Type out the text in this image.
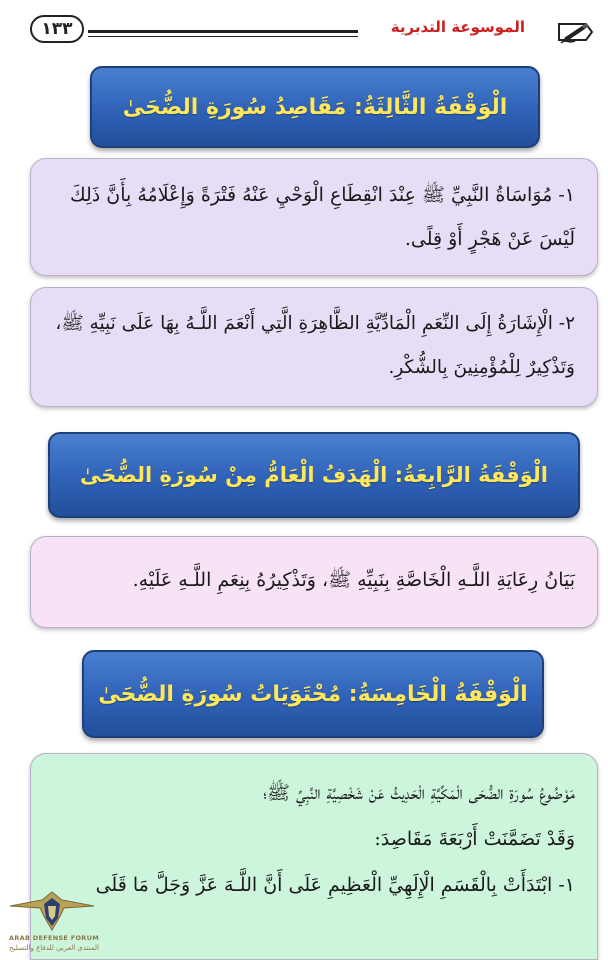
١٣٣	الموسوعة التدبرية
الْوَقْفَةُ الثَّالِثَةُ: مَقَاصِدُ سُورَةِ الضُّحَىٰ

١- مُوَاسَاةُ النَّبِيِّ ﷺ عِنْدَ انْقِطَاعِ الْوَحْيِ عَنْهُ فَتْرَةً وَإِعْلَامُهُ بِأَنَّ ذَلِكَ لَيْسَ عَنْ هَجْرٍ أَوْ قِلًى.

٢- الْإِشَارَةُ إِلَى النِّعَمِ الْمَادِّيَّةِ الظَّاهِرَةِ الَّتِي أَنْعَمَ اللَّـهُ بِهَا عَلَى نَبِيِّهِ ﷺ، وَتَذْكِيرٌ لِلْمُؤْمِنِينَ بِالشُّكْرِ.

الْوَقْفَةُ الرَّابِعَةُ: الْهَدَفُ الْعَامُّ مِنْ سُورَةِ الضُّحَىٰ

بَيَانُ رِعَايَةِ اللَّـهِ الْخَاصَّةِ بِنَبِيِّهِ ﷺ، وَتَذْكِيرُهُ بِنِعَمِ اللَّـهِ عَلَيْهِ.

الْوَقْفَةُ الْخَامِسَةُ: مُحْتَوَيَاتُ سُورَةِ الضُّحَىٰ

مَوْضُوعُ سُورَةِ الضُّحَى الْمَكِّيَّةِ الْحَدِيثُ عَنْ شَخْصِيَّةِ النَّبِيِّ ﷺ؛

وَقَدْ تَضَمَّنَتْ أَرْبَعَةَ مَقَاصِدَ:

١- ابْتَدَأَتْ بِالْقَسَمِ الْإِلَهِيِّ الْعَظِيمِ عَلَى أَنَّ اللَّـهَ عَزَّ وَجَلَّ مَا قَلَى

ARAB DEFENSE FORUM
المنتدى العربي للدفاع والتسليح
